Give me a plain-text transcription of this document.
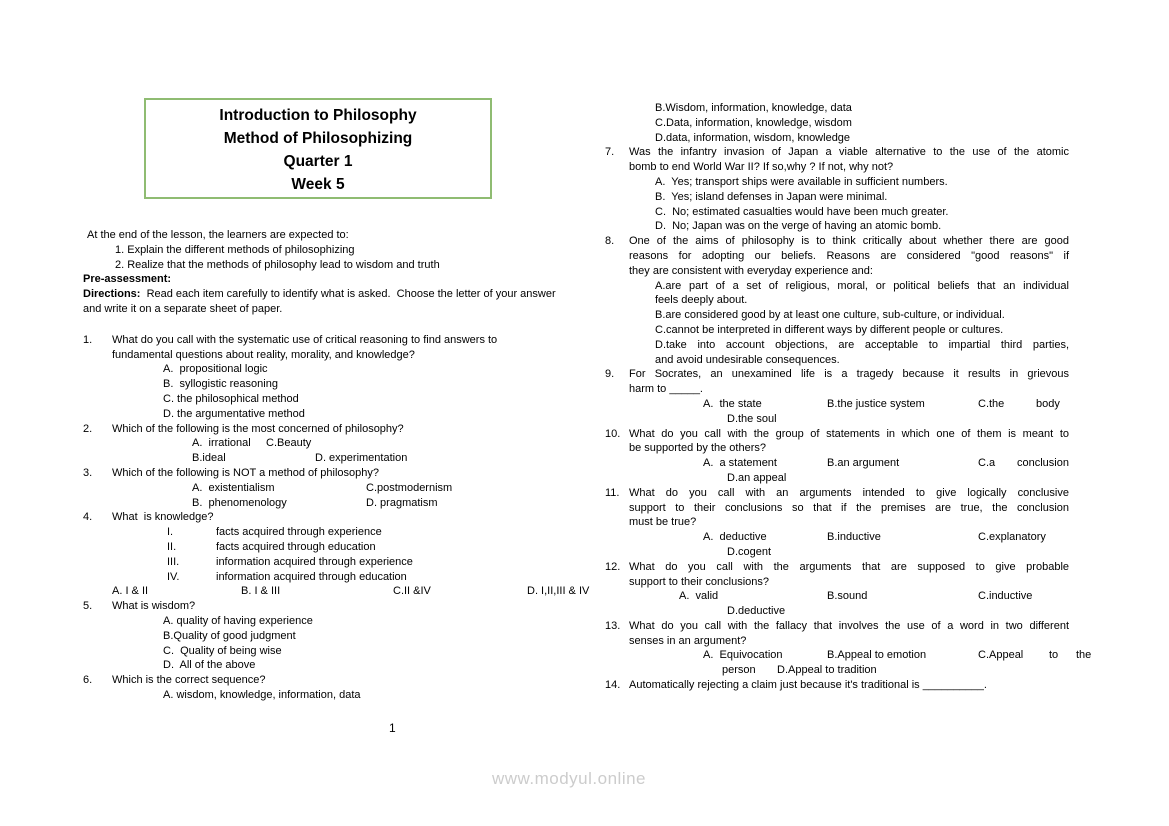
Introduction to Philosophy
Method of Philosophizing
Quarter 1
Week 5
At the end of the lesson, the learners are expected to:
1. Explain the different methods of philosophizing
2. Realize that the methods of philosophy lead to wisdom and truth
Pre-assessment:
Directions:  Read each item carefully to identify what is asked.  Choose the letter of your answer and write it on a separate sheet of paper.
1. What do you call with the systematic use of critical reasoning to find answers to
fundamental questions about reality, morality, and knowledge?
A.  propositional logic
B.  syllogistic reasoning
C. the philosophical method
D. the argumentative method
2. Which of the following is the most concerned of philosophy?
A.  irrational C.Beauty
B.ideal	D. experimentation
3. Which of the following is NOT a method of philosophy?
A.  existentialism	C.postmodernism
B.  phenomenology	D. pragmatism
4. What  is knowledge?
I.	facts acquired through experience
II.	facts acquired through education
III.	information acquired through experience
IV.	information acquired through education
A. I & II	B. I & III	C.II &IV	D. I,II,III & IV
5. What is wisdom?
A. quality of having experience
B.Quality of good judgment
C.  Quality of being wise
D.  All of the above
6. Which is the correct sequence?
A. wisdom, knowledge, information, data
B.Wisdom, information, knowledge, data
C.Data, information, knowledge, wisdom
D.data, information, wisdom, knowledge
7. Was the infantry invasion of Japan a viable alternative to the use of the atomic
bomb to end World War II? If so,why ? If not, why not?
A.  Yes; transport ships were available in sufficient numbers.
B.  Yes; island defenses in Japan were minimal.
C.  No; estimated casualties would have been much greater.
D.  No; Japan was on the verge of having an atomic bomb.
8. One of the aims of philosophy is to think critically about whether there are good
reasons for adopting our beliefs. Reasons are considered "good reasons" if
they are consistent with everyday experience and:
A.are part of a set of religious, moral, or political beliefs that an individual
feels deeply about.
B.are considered good by at least one culture, sub-culture, or individual.
C.cannot be interpreted in different ways by different people or cultures.
D.take into account objections, are acceptable to impartial third parties,
and avoid undesirable consequences.
9. For Socrates, an unexamined life is a tragedy because it results in grievous
harm to _____.
A.  the state	B.the justice system	C.the	body
D.the soul
10. What do you call with the group of statements in which one of them is meant to
be supported by the others?
A.  a statement	B.an argument	C.a conclusion
D.an appeal
11. What do you call with an arguments intended to give logically conclusive
support to their conclusions so that if the premises are true, the conclusion
must be true?
A.  deductive	B.inductive	C.explanatory
D.cogent
12. What do you call with the arguments that are supposed to give probable
support to their conclusions?
A.  valid	B.sound	C.inductive
D.deductive
13. What do you call with the fallacy that involves the use of a word in two different
senses in an argument?
A.  Equivocation	B.Appeal to emotion	C.Appeal to the
person D.Appeal to tradition
14. Automatically rejecting a claim just because it's traditional is __________.
1
www.modyul.online
